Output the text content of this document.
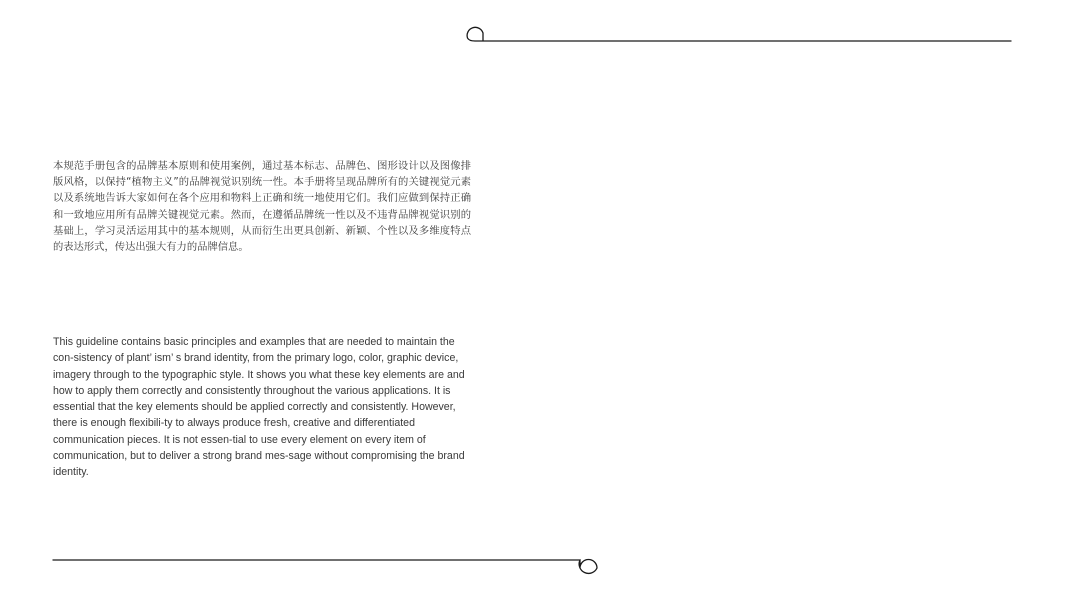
本规范手册包含的品牌基本原则和使用案例，通过基本标志、品牌色、图形设计以及图像排版风格，以保持“植物主义”的品牌视觉识别统一性。本手册将呈现品牌所有的关键视觉元素以及系统地告诉大家如何在各个应用和物料上正确和统一地使用它们。我们应做到保持正确和一致地应用所有品牌关键视觉元素。然而，在遵循品牌统一性以及不违背品牌视觉识别的基础上，学习灵活运用其中的基本规则，从而衍生出更具创新、新颖、个性以及多维度特点的表达形式，传达出强大有力的品牌信息。

This guideline contains basic principles and examples that are needed to maintain the con-sistency of plant’ ism’ s brand identity, from the primary logo, color, graphic device, imagery through to the typographic style. It shows you what these key elements are and how to apply them correctly and consistently throughout the various applications. It is essential that the key elements should be applied correctly and consistently. However, there is enough flexibili-ty to always produce fresh, creative and differentiated communication pieces. It is not essen-tial to use every element on every item of communication, but to deliver a strong brand mes-sage without compromising the brand identity.
